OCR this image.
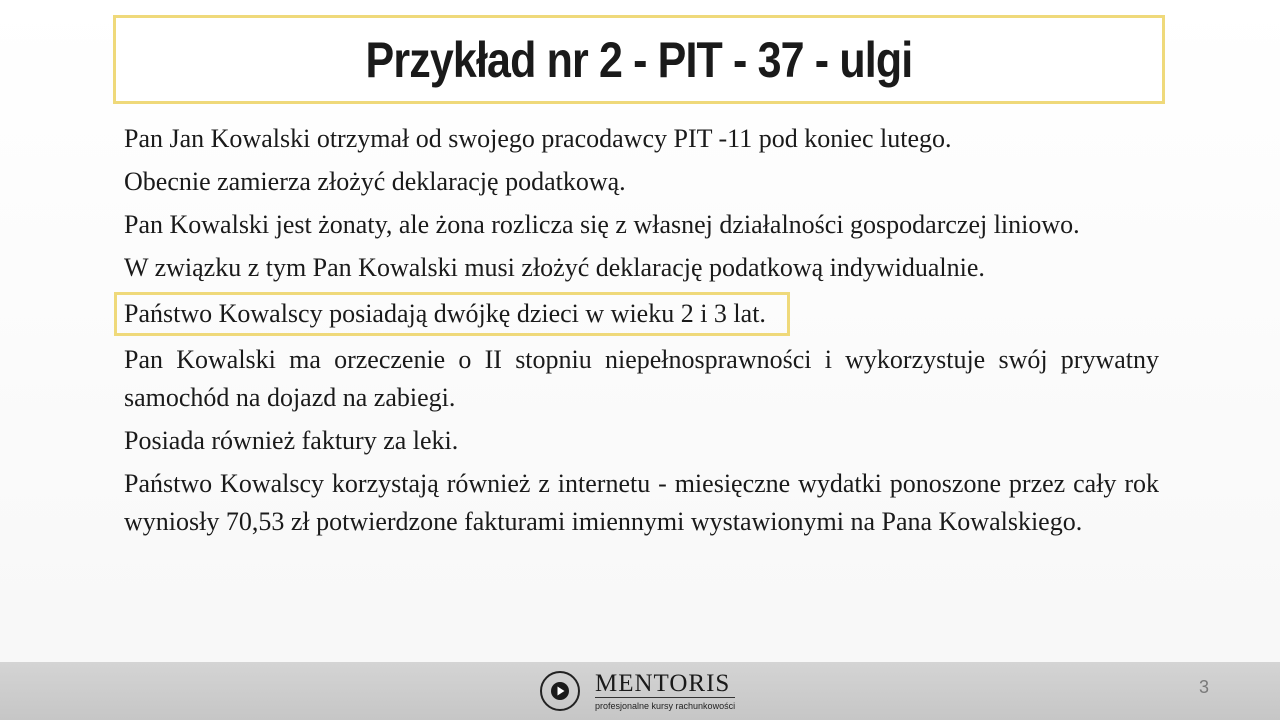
Przykład nr 2 - PIT - 37 - ulgi

Pan Jan Kowalski otrzymał od swojego pracodawcy PIT -11 pod koniec lutego.

Obecnie zamierza złożyć deklarację podatkową.

Pan Kowalski jest żonaty, ale żona rozlicza się z własnej działalności gospodarczej liniowo.

W związku z tym Pan Kowalski musi złożyć deklarację podatkową indywidualnie.

Państwo Kowalscy posiadają dwójkę dzieci w wieku 2 i 3 lat.

Pan Kowalski ma orzeczenie o II stopniu niepełnosprawności i wykorzystuje swój prywatny samochód na dojazd na zabiegi.

Posiada również faktury za leki.

Państwo Kowalscy korzystają również z internetu - miesięczne wydatki ponoszone przez cały rok wyniosły 70,53 zł potwierdzone fakturami imiennymi wystawionymi na Pana Kowalskiego.

MENTORIS
profesjonalne kursy rachunkowości
3
